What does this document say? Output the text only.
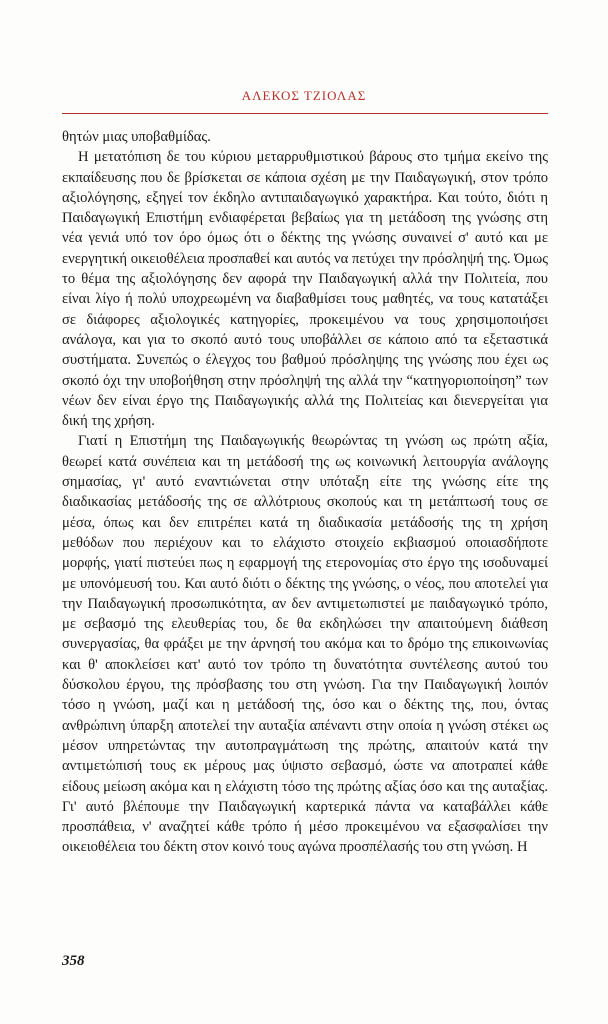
ΑΛΕΚΟΣ ΤΖΙΟΛΑΣ

θητών μιας υποβαθμίδας.

Η μετατόπιση δε του κύριου μεταρρυθμιστικού βάρους στο τμήμα εκείνο της εκπαίδευσης που δε βρίσκεται σε κάποια σχέση με την Παιδαγωγική, στον τρόπο αξιολόγησης, εξηγεί τον έκδηλο αντιπαιδαγωγικό χαρακτήρα. Και τούτο, διότι η Παιδαγωγική Επιστήμη ενδιαφέρεται βεβαίως για τη μετάδοση της γνώσης στη νέα γενιά υπό τον όρο όμως ότι ο δέκτης της γνώσης συναινεί σ' αυτό και με ενεργητική οικειοθέλεια προσπαθεί και αυτός να πετύχει την πρόσληψή της. Όμως το θέμα της αξιολόγησης δεν αφορά την Παιδαγωγική αλλά την Πολιτεία, που είναι λίγο ή πολύ υποχρεωμένη να διαβαθμίσει τους μαθητές, να τους κατατάξει σε διάφορες αξιολογικές κατηγορίες, προκειμένου να τους χρησιμοποιήσει ανάλογα, και για το σκοπό αυτό τους υποβάλλει σε κάποιο από τα εξεταστικά συστήματα. Συνεπώς ο έλεγχος του βαθμού πρόσληψης της γνώσης που έχει ως σκοπό όχι την υποβοήθηση στην πρόσληψή της αλλά την “κατηγοριοποίηση” των νέων δεν είναι έργο της Παιδαγωγικής αλλά της Πολιτείας και διενεργείται για δική της χρήση.

Γιατί η Επιστήμη της Παιδαγωγικής θεωρώντας τη γνώση ως πρώτη αξία, θεωρεί κατά συνέπεια και τη μετάδοσή της ως κοινωνική λειτουργία ανάλογης σημασίας, γι' αυτό εναντιώνεται στην υπόταξη είτε της γνώσης είτε της διαδικασίας μετάδοσής της σε αλλότριους σκοπούς και τη μετάπτωσή τους σε μέσα, όπως και δεν επιτρέπει κατά τη διαδικασία μετάδοσής της τη χρήση μεθόδων που περιέχουν και το ελάχιστο στοιχείο εκβιασμού οποιασδήποτε μορφής, γιατί πιστεύει πως η εφαρμογή της ετερονομίας στο έργο της ισοδυναμεί με υπονόμευσή του. Και αυτό διότι ο δέκτης της γνώσης, ο νέος, που αποτελεί για την Παιδαγωγική προσωπικότητα, αν δεν αντιμετωπιστεί με παιδαγωγικό τρόπο, με σεβασμό της ελευθερίας του, δε θα εκδηλώσει την απαιτούμενη διάθεση συνεργασίας, θα φράξει με την άρνησή του ακόμα και το δρόμο της επικοινωνίας και θ' αποκλείσει κατ' αυτό τον τρόπο τη δυνατότητα συντέλεσης αυτού του δύσκολου έργου, της πρόσβασης του στη γνώση. Για την Παιδαγωγική λοιπόν τόσο η γνώση, μαζί και η μετάδοσή της, όσο και ο δέκτης της, που, όντας ανθρώπινη ύπαρξη αποτελεί την αυταξία απέναντι στην οποία η γνώση στέκει ως μέσον υπηρετώντας την αυτοπραγμάτωση της πρώτης, απαιτούν κατά την αντιμετώπισή τους εκ μέρους μας ύψιστο σεβασμό, ώστε να αποτραπεί κάθε είδους μείωση ακόμα και η ελάχιστη τόσο της πρώτης αξίας όσο και της αυταξίας. Γι' αυτό βλέπουμε την Παιδαγωγική καρτερικά πάντα να καταβάλλει κάθε προσπάθεια, ν' αναζητεί κάθε τρόπο ή μέσο προκειμένου να εξασφαλίσει την οικειοθέλεια του δέκτη στον κοινό τους αγώνα προσπέλασής του στη γνώση. Η

358
